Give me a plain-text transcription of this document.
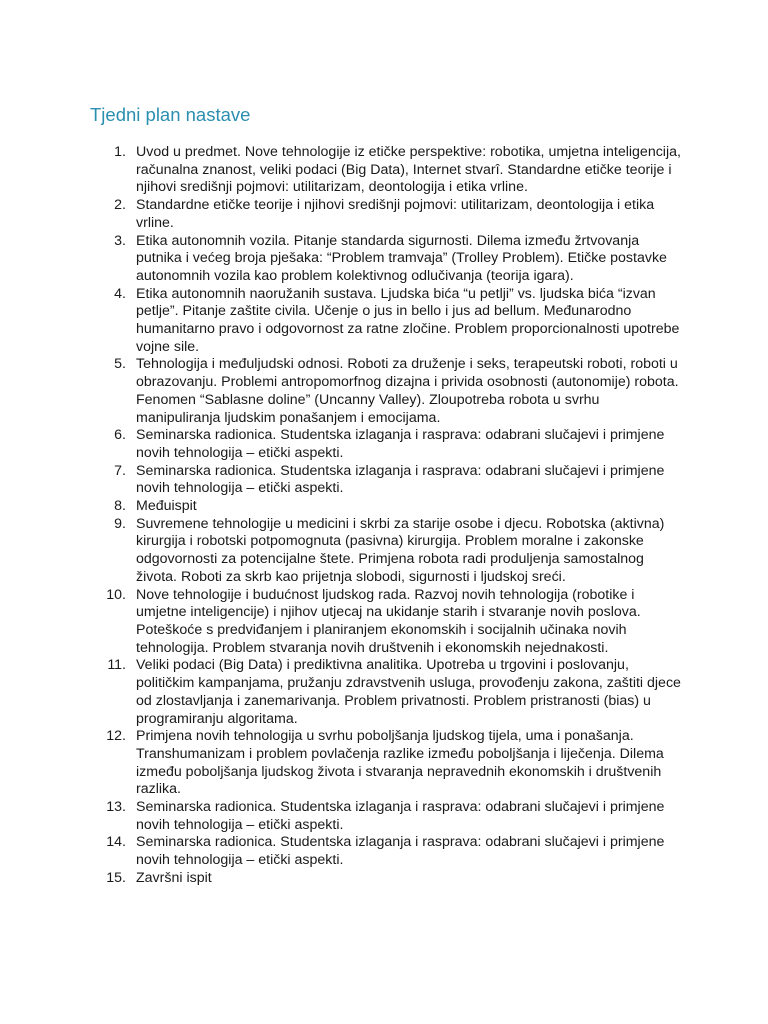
Tjedni plan nastave
1. Uvod u predmet. Nove tehnologije iz etičke perspektive: robotika, umjetna inteligencija, računalna znanost, veliki podaci (Big Data), Internet stvarî. Standardne etičke teorije i njihovi središnji pojmovi: utilitarizam, deontologija i etika vrline.
2. Standardne etičke teorije i njihovi središnji pojmovi: utilitarizam, deontologija i etika vrline.
3. Etika autonomnih vozila. Pitanje standarda sigurnosti. Dilema između žrtvovanja putnika i većeg broja pješaka: “Problem tramvaja” (Trolley Problem). Etičke postavke autonomnih vozila kao problem kolektivnog odlučivanja (teorija igara).
4. Etika autonomnih naoružanih sustava. Ljudska bića “u petlji” vs. ljudska bića “izvan petlje”. Pitanje zaštite civila. Učenje o jus in bello i jus ad bellum. Međunarodno humanitarno pravo i odgovornost za ratne zločine. Problem proporcionalnosti upotrebe vojne sile.
5. Tehnologija i međuljudski odnosi. Roboti za druženje i seks, terapeutski roboti, roboti u obrazovanju. Problemi antropomorfnog dizajna i privida osobnosti (autonomije) robota. Fenomen “Sablasne doline” (Uncanny Valley). Zloupotreba robota u svrhu manipuliranja ljudskim ponašanjem i emocijama.
6. Seminarska radionica. Studentska izlaganja i rasprava: odabrani slučajevi i primjene novih tehnologija – etički aspekti.
7. Seminarska radionica. Studentska izlaganja i rasprava: odabrani slučajevi i primjene novih tehnologija – etički aspekti.
8. Međuispit
9. Suvremene tehnologije u medicini i skrbi za starije osobe i djecu. Robotska (aktivna) kirurgija i robotski potpomognuta (pasivna) kirurgija. Problem moralne i zakonske odgovornosti za potencijalne štete. Primjena robota radi produljenja samostalnog života. Roboti za skrb kao prijetnja slobodi, sigurnosti i ljudskoj sreći.
10. Nove tehnologije i budućnost ljudskog rada. Razvoj novih tehnologija (robotike i umjetne inteligencije) i njihov utjecaj na ukidanje starih i stvaranje novih poslova. Poteškoće s predviđanjem i planiranjem ekonomskih i socijalnih učinaka novih tehnologija. Problem stvaranja novih društvenih i ekonomskih nejednakosti.
11. Veliki podaci (Big Data) i prediktivna analitika. Upotreba u trgovini i poslovanju, političkim kampanjama, pružanju zdravstvenih usluga, provođenju zakona, zaštiti djece od zlostavljanja i zanemarivanja. Problem privatnosti. Problem pristranosti (bias) u programiranju algoritama.
12. Primjena novih tehnologija u svrhu poboljšanja ljudskog tijela, uma i ponašanja. Transhumanizam i problem povlačenja razlike između poboljšanja i liječenja. Dilema između poboljšanja ljudskog života i stvaranja nepravednih ekonomskih i društvenih razlika.
13. Seminarska radionica. Studentska izlaganja i rasprava: odabrani slučajevi i primjene novih tehnologija – etički aspekti.
14. Seminarska radionica. Studentska izlaganja i rasprava: odabrani slučajevi i primjene novih tehnologija – etički aspekti.
15. Završni ispit
